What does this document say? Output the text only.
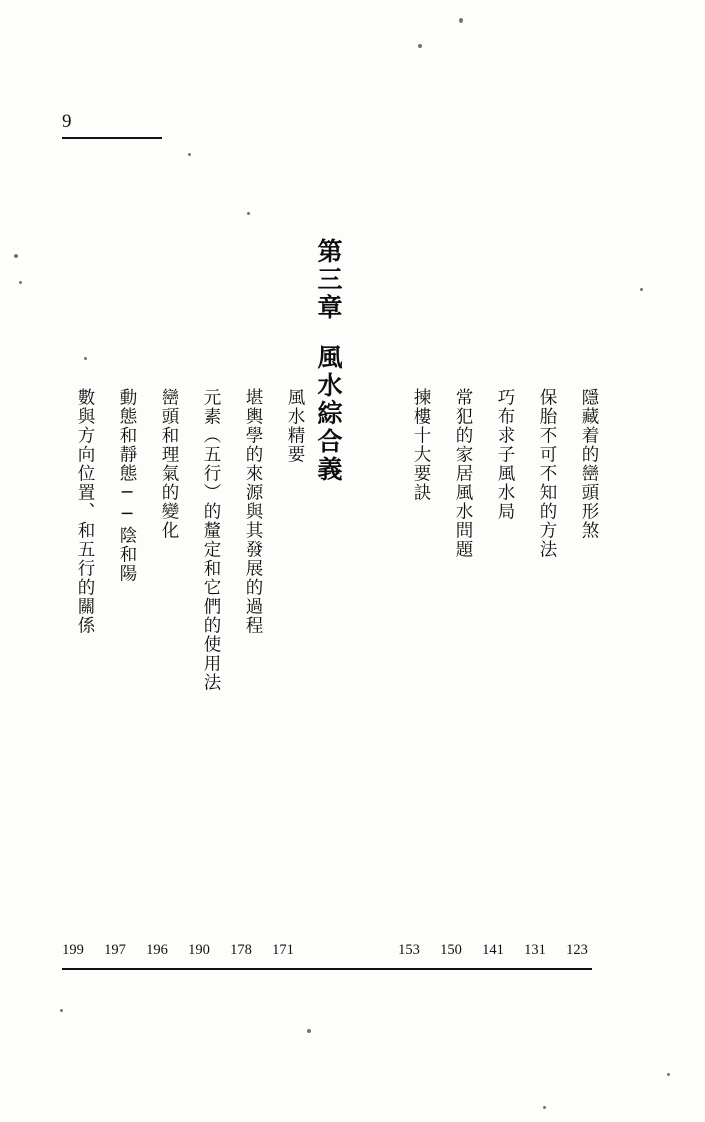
9
第三章風水綜合義	隱藏着的巒頭形煞
保胎不可不知的方法
巧布求子風水局
常犯的家居風水問題
揀樓十大要訣
風水精要
堪輿學的來源與其發展的過程
元素（五行）的釐定和它們的使用法
巒頭和理氣的變化
動態和靜態──陰和陽
數與方向位置、和五行的關係
123
131
141
150
153
171
178
190
196
197
199
